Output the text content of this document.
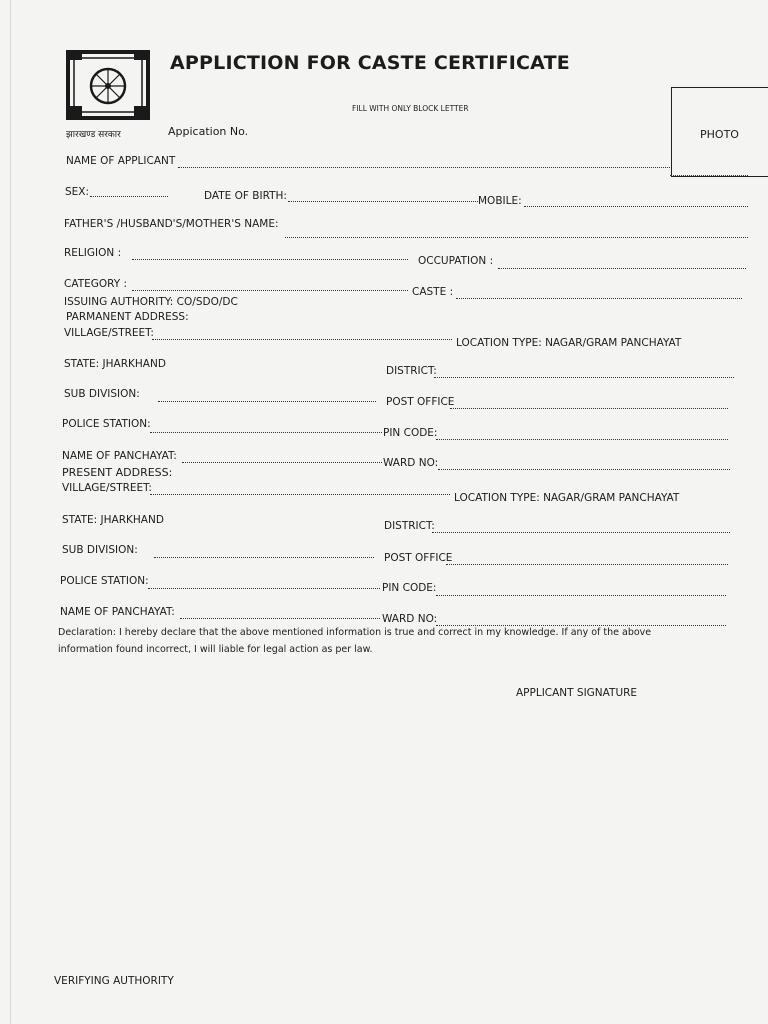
झारखण्ड सरकार
APPLICTION FOR CASTE CERTIFICATE
FILL WITH ONLY BLOCK LETTER
Appication No.	PHOTO
NAME OF APPLICANT
SEX:	DATE OF BIRTH:	MOBILE:
FATHER'S /HUSBAND'S/MOTHER'S NAME:
RELIGION :
OCCUPATION :
CATEGORY :
CASTE :
ISSUING AUTHORITY: CO/SDO/DC
PARMANENT ADDRESS:
VILLAGE/STREET:
LOCATION TYPE: NAGAR/GRAM PANCHAYAT
STATE: JHARKHAND
DISTRICT:
SUB DIVISION:
POST OFFICE
POLICE STATION:
PIN CODE:
NAME OF PANCHAYAT:
WARD NO:
PRESENT ADDRESS:
VILLAGE/STREET:
LOCATION TYPE: NAGAR/GRAM PANCHAYAT
STATE: JHARKHAND	DISTRICT:
SUB DIVISION:
POST OFFICE
POLICE STATION:
PIN CODE:
NAME OF PANCHAYAT:
WARD NO:
Declaration: I hereby declare that the above mentioned information is true and correct in my knowledge. If any of the above
information found incorrect, I will liable for legal action as per law.
APPLICANT SIGNATURE
VERIFYING AUTHORITY
